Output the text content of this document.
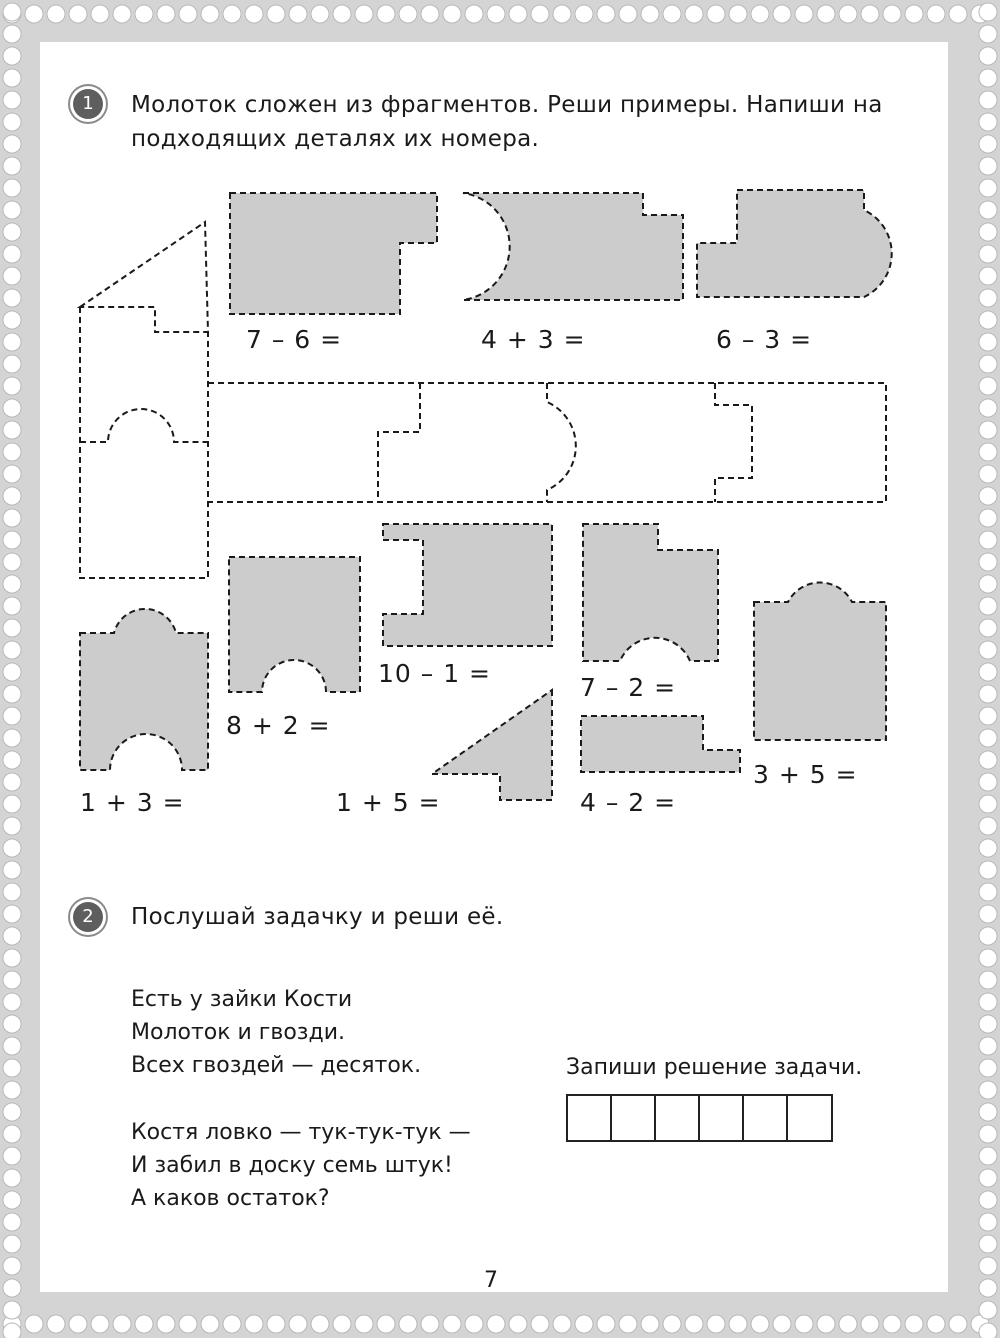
1	Молоток сложен из фрагментов. Реши примеры. Напиши на
подходящих деталях их номера.
7 – 6 =	4 + 3 =	6 – 3 =
10 – 1 =	7 – 2 =
8 + 2 =
1 + 3 =	1 + 5 =	4 – 2 =
3 + 5 =
2	Послушай задачку и реши её.
Есть у зайки Кости
Молоток и гвозди.
Всех гвоздей — десяток.
Костя ловко — тук-тук-тук —
И забил в доску семь штук!
А каков остаток?
Запиши решение задачи.
7
